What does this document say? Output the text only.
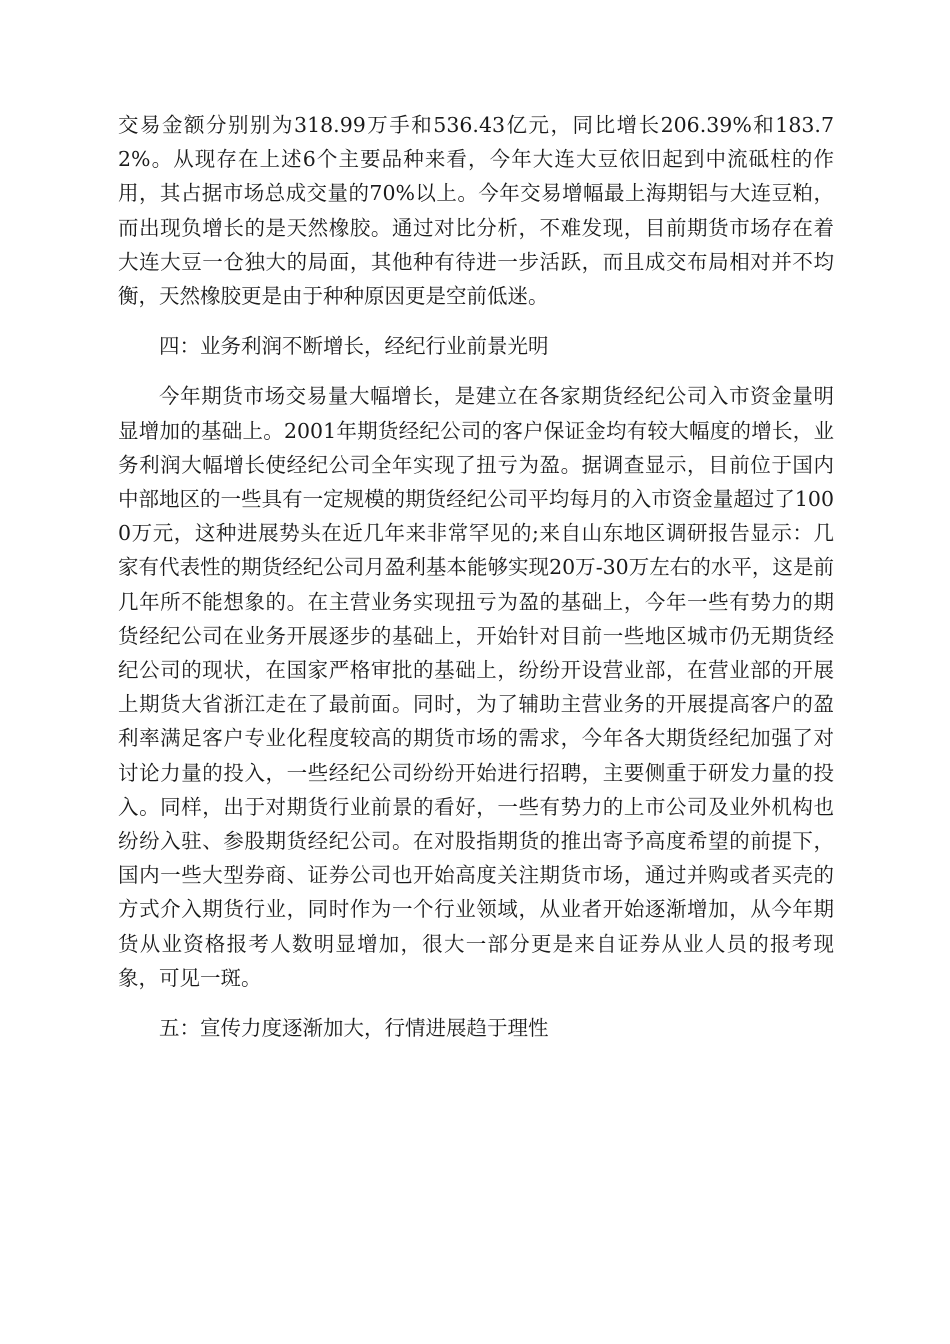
交易金额分别别为318.99万手和536.43亿元，同比增长206.39%和183.72%。从现存在上述6个主要品种来看，今年大连大豆依旧起到中流砥柱的作用，其占据市场总成交量的70%以上。今年交易增幅最上海期铝与大连豆粕，而出现负增长的是天然橡胶。通过对比分析，不难发现，目前期货市场存在着大连大豆一仓独大的局面，其他种有待进一步活跃，而且成交布局相对并不均衡，天然橡胶更是由于种种原因更是空前低迷。

四：业务利润不断增长，经纪行业前景光明

今年期货市场交易量大幅增长，是建立在各家期货经纪公司入市资金量明显增加的基础上。2001年期货经纪公司的客户保证金均有较大幅度的增长，业务利润大幅增长使经纪公司全年实现了扭亏为盈。据调查显示，目前位于国内中部地区的一些具有一定规模的期货经纪公司平均每月的入市资金量超过了1000万元，这种进展势头在近几年来非常罕见的;来自山东地区调研报告显示：几家有代表性的期货经纪公司月盈利基本能够实现20万-30万左右的水平，这是前几年所不能想象的。在主营业务实现扭亏为盈的基础上，今年一些有势力的期货经纪公司在业务开展逐步的基础上，开始针对目前一些地区城市仍无期货经纪公司的现状，在国家严格审批的基础上，纷纷开设营业部，在营业部的开展上期货大省浙江走在了最前面。同时，为了辅助主营业务的开展提高客户的盈利率满足客户专业化程度较高的期货市场的需求，今年各大期货经纪加强了对讨论力量的投入，一些经纪公司纷纷开始进行招聘，主要侧重于研发力量的投入。同样，出于对期货行业前景的看好，一些有势力的上市公司及业外机构也纷纷入驻、参股期货经纪公司。在对股指期货的推出寄予高度希望的前提下，国内一些大型券商、证券公司也开始高度关注期货市场，通过并购或者买壳的方式介入期货行业，同时作为一个行业领域，从业者开始逐渐增加，从今年期货从业资格报考人数明显增加，很大一部分更是来自证券从业人员的报考现象，可见一斑。

五：宣传力度逐渐加大，行情进展趋于理性
